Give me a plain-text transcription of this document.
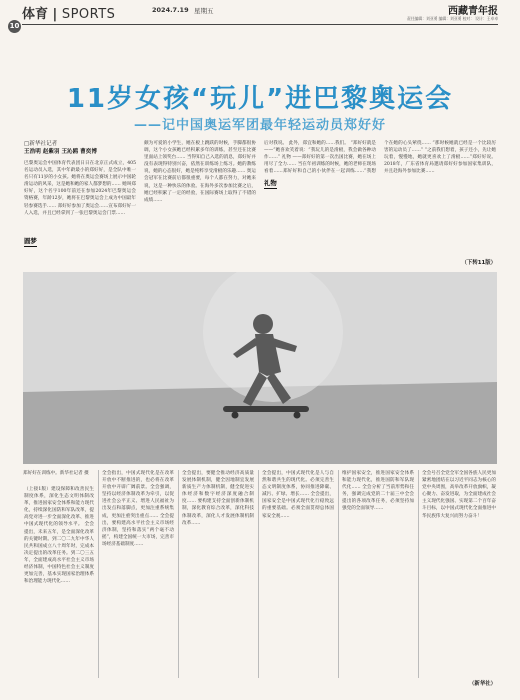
体育 | SPORTS	2024.7.19 星期五	西藏青年报
责任编辑：刘亚勇 编辑：刘亚勇 校对： 设计：王卓卓
10
11岁女孩“玩儿”进巴黎奥运会
——记中国奥运军团最年轻运动员郑好好
□新华社记者
王浩明 赵紫羽 王沁鸥 曹奕博
巴黎奥运会中国体育代表团日日在北京正式成立，405名运动员入选，其中年龄最小的郑好好，是全队中唯一名只有11岁的小女孩。她将在奥运会赛场上展示中国轮滑运动的风采，这是她和她的家人都梦想的…… 她叫郑好好，这个名字100年前还在参加2024年巴黎奥运会资格赛，年龄12岁，她将在巴黎奥运会上成为中国最年轻参赛选手…… 郑好好参加了奥运会……宣布郑好好一人入选，并且已经拿到了一张巴黎奥运会门票……
圆梦
颇为可爱的小学生，她在板上跳跃的时候，手脚都很协调，这个小女孩她已经积累多年的训练，甚至还在比赛里面站上领奖台…… 当得知自己入选的消息，郑好好并没有表现得特别兴奋，依然在训练场上练习。她的教练说，她的心态很好，她是纯粹享受滑板的乐趣…… 奥运会冠军在比赛前后都很重要，每个人都在努力，对她来说，这是一种快乐的体验。在海外多次参加比赛之后，她已经积累了一定的经验，在国际赛场上取得了不错的成绩……
后对我说。 此外，郑宜和她的……我们。 “郑好好就是——”她喜欢笑着说：“我玩儿的是滑板，我会做各种动作……” 礼物 ——郑好好的第一次出国比赛，她在场上用尽了全力…… 当在年初训练的时候，她的老师在现场看着……郑好好和自己的小伙伴在一起训练……“我想
礼物
个在她的心头萦绕…… “那时候她就已经是一个比较厉害的运动员了……” “之前我们想着，孩子还小，先让她玩着，慢慢地，她就更喜欢上了滑板……”郑好好说。 2018年，广东省体育局邀请郑好好参加国家集训队，并且赴海外参加比赛……
（下转11版）
郑好好在训练中。新华社记者 摄
（上接1版）建设保障和改善民生制度体系，深化生态文明体制改革，推进国家安全体系和能力现代化，持续深化国防和军队改革，提高党对进一步全面深化改革、推进中国式现代化的领导水平。 全会提出，未来五年，是全面深化改革的关键时期。到二〇二九年中华人民共和国成立八十周年时，完成本决定提出的改革任务。到二〇三五年，全面建成高水平社会主义市场经济体制，中国特色社会主义制度更加完善，基本实现国家治理体系和治理能力现代化……
全会指出，中国式现代化是在改革开放中不断推进的，也必将在改革开放中开辟广阔前景。全会强调，坚持以经济体制改革为牵引，以促进社会公平正义、增进人民福祉为出发点和落脚点，更加注重系统集成，更加注重突出重点…… 全会提出，要构建高水平社会主义市场经济体制，坚持和落实“两个毫不动摇”，构建全国统一大市场，完善市场经济基础制度……
全会提出，要健全推动经济高质量发展体制机制，健全因地制宜发展新质生产力体制机制，健全促进实体经济和数字经济深度融合制度…… 要构建支持全面创新体制机制，深化教育综合改革，深化科技体制改革，深化人才发展体制机制改革……
全会提出，中国式现代化是人与自然和谐共生的现代化。必须完善生态文明制度体系，协同推进降碳、减污、扩绿、增长…… 全会提出，国家安全是中国式现代化行稳致远的重要基础。必须全面贯彻总体国家安全观……
维护国家安全，推进国家安全体系和能力现代化，推进国防和军队现代化…… 全会分析了当前形势和任务，强调完成党的二十届三中全会提出的各项改革任务，必须坚持加强党的全面领导……
全会号召全党全军全国各族人民更加紧密地团结在以习近平同志为核心的党中央周围，高举改革开放旗帜，凝心聚力、奋发进取，为全面建成社会主义现代化强国、实现第二个百年奋斗目标，以中国式现代化全面推进中华民族伟大复兴而努力奋斗！
（新华社）
